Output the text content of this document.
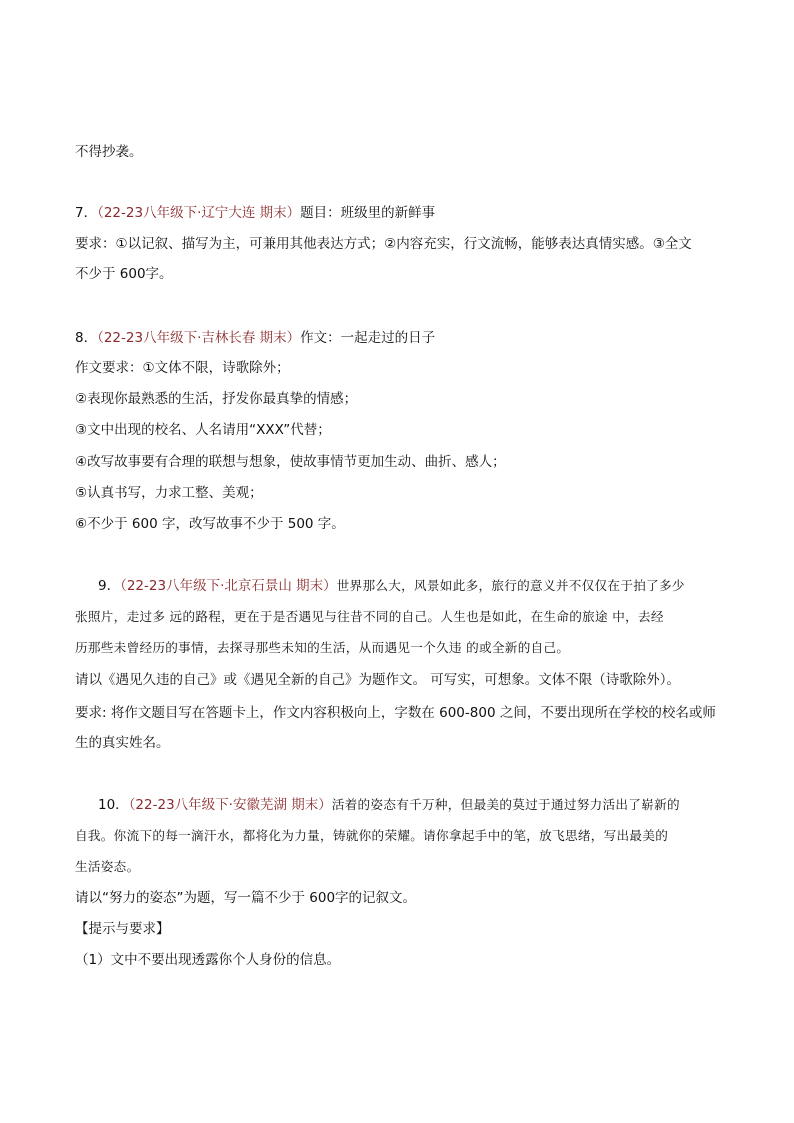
不得抄袭。
7．（22-23八年级下·辽宁大连 期末）题目：班级里的新鲜事
要求：①以记叙、描写为主，可兼用其他表达方式；②内容充实，行文流畅，能够表达真情实感。③全文
不少于 600字。
8．（22-23八年级下·吉林长春 期末）作文：一起走过的日子
作文要求：①文体不限，诗歌除外；
②表现你最熟悉的生活，抒发你最真挚的情感；
③文中出现的校名、人名请用“XXX”代替；
④改写故事要有合理的联想与想象，使故事情节更加生动、曲折、感人；
⑤认真书写，力求工整、美观；
⑥不少于 600 字，改写故事不少于 500 字。
9．（22-23八年级下·北京石景山 期末）世界那么大，风景如此多，旅行的意义并不仅仅在于拍了多少
张照片，走过多 远的路程，更在于是否遇见与往昔不同的自己。人生也是如此，在生命的旅途 中，去经
历那些未曾经历的事情，去探寻那些未知的生活，从而遇见一个久违 的或全新的自己。
请以《遇见久违的自己》或《遇见全新的自己》为题作文。 可写实，可想象。文体不限（诗歌除外）。
要求: 将作文题目写在答题卡上，作文内容积极向上，字数在 600-800 之间，不要出现所在学校的校名或师
生的真实姓名。
10．（22-23八年级下·安徽芜湖 期末）活着的姿态有千万种，但最美的莫过于通过努力活出了崭新的
自我。你流下的每一滴汗水，都将化为力量，铸就你的荣耀。请你拿起手中的笔，放飞思绪，写出最美的
生活姿态。
请以“努力的姿态”为题，写一篇不少于 600字的记叙文。
【提示与要求】
（1）文中不要出现透露你个人身份的信息。
